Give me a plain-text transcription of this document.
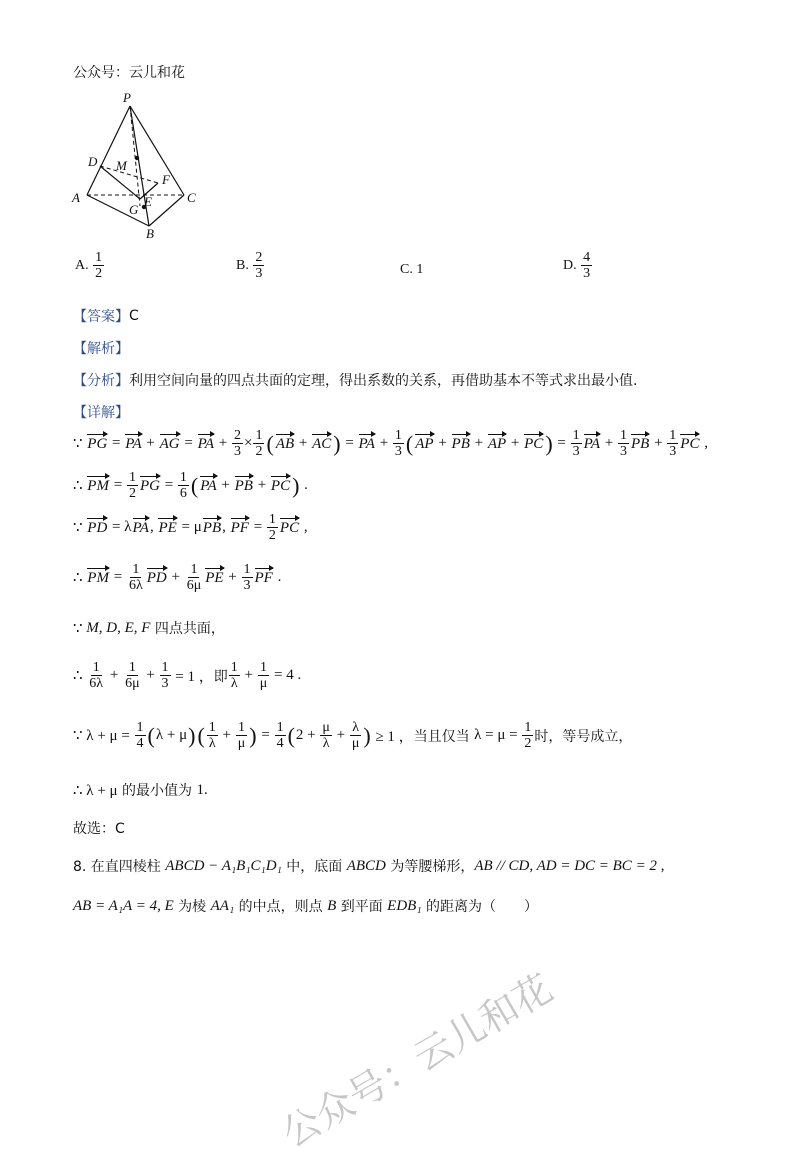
公众号：云儿和花
P
D
F
M
E
A	C
G
B
A.
$\frac{1}{2}$	B.
$\frac{2}{3}$	C. 1	D.
$\frac{4}{3}$
【答案】 C
【解析】
【分析】 利用空间向量的四点共面的定理，得出系数的关系，再借助基本不等式求出最小值.
【详解】
∵ PG = PA + AG = PA + $\frac{2}{3} \times \frac{1}{2}$ ( AB + AC ) = PA + $\frac{1}{3}$ ( AP + PB + AP + PC ) = $\frac{1}{3}$ PA + $\frac{1}{3}$ PB + $\frac{1}{3}$ PC ,
∴ PM = $\frac{1}{2}$ PG = $\frac{1}{6}$ ( PA + PB + PC ) .
∵ PD = λ PA , PE = μ PB , PF = $\frac{1}{2}$ PC ,
∴ PM = $\frac{1}{6\lambda}$ PD + $\frac{1}{6\mu}$ PE + $\frac{1}{3}$ PF .
∵ M, D, E, F 四点共面，
∴ $\frac{1}{6\lambda} + \frac{1}{6\mu} + \frac{1}{3} = 1$ ， 即 $\frac{1}{\lambda} + \frac{1}{\mu} = 4$ .
∵ $\lambda + \mu = \frac{1}{4}$ ( λ + μ ) ( $\frac{1}{\lambda} + \frac{1}{\mu}$ ) = $\frac{1}{4}$ ( $2 + \frac{\mu}{\lambda} + \frac{\lambda}{\mu}$ ) ≥ 1 ， 当且仅当 $\lambda = \mu = \frac{1}{2}$ 时，等号成立，
∴ λ + μ 的最小值为 1.
故选：C
8. 在直四棱柱 ABCD − A₁B₁C₁D₁ 中，底面 ABCD 为等腰梯形， AB // CD, AD = DC = BC = 2 ,
AB = A₁A = 4, E 为棱 AA₁ 的中点，则点 B 到平面 EDB₁ 的距离为（　　）
公众号：云儿和花
